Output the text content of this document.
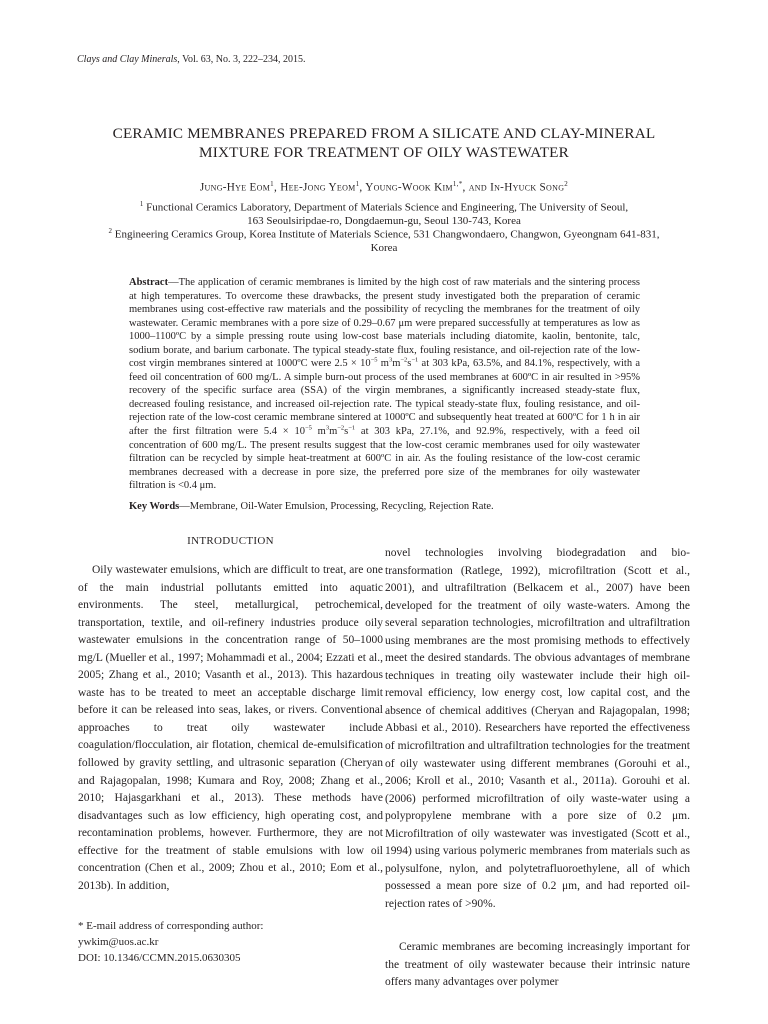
Clays and Clay Minerals, Vol. 63, No. 3, 222–234, 2015.
CERAMIC MEMBRANES PREPARED FROM A SILICATE AND CLAY-MINERAL
MIXTURE FOR TREATMENT OF OILY WASTEWATER
Jung-Hye Eom$^1$, Hee-Jong Yeom$^1$, Young-Wook Kim$^{1,*}$, and In-Hyuck Song$^2$
$^1$ Functional Ceramics Laboratory, Department of Materials Science and Engineering, The University of Seoul,
163 Seoulsiripdae-ro, Dongdaemun-gu, Seoul 130-743, Korea
$^2$ Engineering Ceramics Group, Korea Institute of Materials Science, 531 Changwondaero, Changwon, Gyeongnam 641-831,
Korea
Abstract—The application of ceramic membranes is limited by the high cost of raw materials and the sintering process at high temperatures. To overcome these drawbacks, the present study investigated both the preparation of ceramic membranes using cost-effective raw materials and the possibility of recycling the membranes for the treatment of oily wastewater. Ceramic membranes with a pore size of 0.29–0.67 μm were prepared successfully at temperatures as low as 1000–1100ºC by a simple pressing route using low-cost base materials including diatomite, kaolin, bentonite, talc, sodium borate, and barium carbonate. The typical steady-state flux, fouling resistance, and oil-rejection rate of the low-cost virgin membranes sintered at 1000ºC were $2.5 \times 10^{-5}$ $m^3m^{-2}s^{-1}$ at 303 kPa, 63.5%, and 84.1%, respectively, with a feed oil concentration of 600 mg/L. A simple burn-out process of the used membranes at 600ºC in air resulted in >95% recovery of the specific surface area (SSA) of the virgin membranes, a significantly increased steady-state flux, decreased fouling resistance, and increased oil-rejection rate. The typical steady-state flux, fouling resistance, and oil-rejection rate of the low-cost ceramic membrane sintered at 1000ºC and subsequently heat treated at 600ºC for 1 h in air after the first filtration were $5.4 \times 10^{-5}$ $m^3m^{-2}s^{-1}$ at 303 kPa, 27.1%, and 92.9%, respectively, with a feed oil concentration of 600 mg/L. The present results suggest that the low-cost ceramic membranes used for oily wastewater filtration can be recycled by simple heat-treatment at 600ºC in air. As the fouling resistance of the low-cost ceramic membranes decreased with a decrease in pore size, the preferred pore size of the membranes for oily wastewater filtration is <0.4 μm.
Key Words—Membrane, Oil-Water Emulsion, Processing, Recycling, Rejection Rate.
INTRODUCTION
Oily wastewater emulsions, which are difficult to treat, are one of the main industrial pollutants emitted into aquatic environments. The steel, metallurgical, petrochemical, transportation, textile, and oil-refinery industries produce oily wastewater emulsions in the concentration range of 50–1000 mg/L (Mueller et al., 1997; Mohammadi et al., 2004; Ezzati et al., 2005; Zhang et al., 2010; Vasanth et al., 2013). This hazardous waste has to be treated to meet an acceptable discharge limit before it can be released into seas, lakes, or rivers. Conventional approaches to treat oily wastewater include coagulation/flocculation, air flotation, chemical de-emulsification followed by gravity settling, and ultrasonic separation (Cheryan and Rajagopalan, 1998; Kumara and Roy, 2008; Zhang et al., 2010; Hajasgarkhani et al., 2013). These methods have disadvantages such as low efficiency, high operating cost, and recontamination problems, however. Furthermore, they are not effective for the treatment of stable emulsions with low oil concentration (Chen et al., 2009; Zhou et al., 2010; Eom et al., 2013b). In addition,
novel technologies involving biodegradation and bio-transformation (Ratlege, 1992), microfiltration (Scott et al., 2001), and ultrafiltration (Belkacem et al., 2007) have been developed for the treatment of oily waste-waters. Among the several separation technologies, microfiltration and ultrafiltration using membranes are the most promising methods to effectively meet the desired standards. The obvious advantages of membrane techniques in treating oily wastewater include their high oil-removal efficiency, low energy cost, low capital cost, and the absence of chemical additives (Cheryan and Rajagopalan, 1998; Abbasi et al., 2010). Researchers have reported the effectiveness of microfiltration and ultrafiltration technologies for the treatment of oily wastewater using different membranes (Gorouhi et al., 2006; Kroll et al., 2010; Vasanth et al., 2011a). Gorouhi et al. (2006) performed microfiltration of oily waste-water using a polypropylene membrane with a pore size of 0.2 μm. Microfiltration of oily wastewater was investigated (Scott et al., 1994) using various polymeric membranes from materials such as polysulfone, nylon, and polytetrafluoroethylene, all of which possessed a mean pore size of 0.2 μm, and had reported oil-rejection rates of >90%.
Ceramic membranes are becoming increasingly important for the treatment of oily wastewater because their intrinsic nature offers many advantages over polymer
* E-mail address of corresponding author:
ywkim@uos.ac.kr
DOI: 10.1346/CCMN.2015.0630305
